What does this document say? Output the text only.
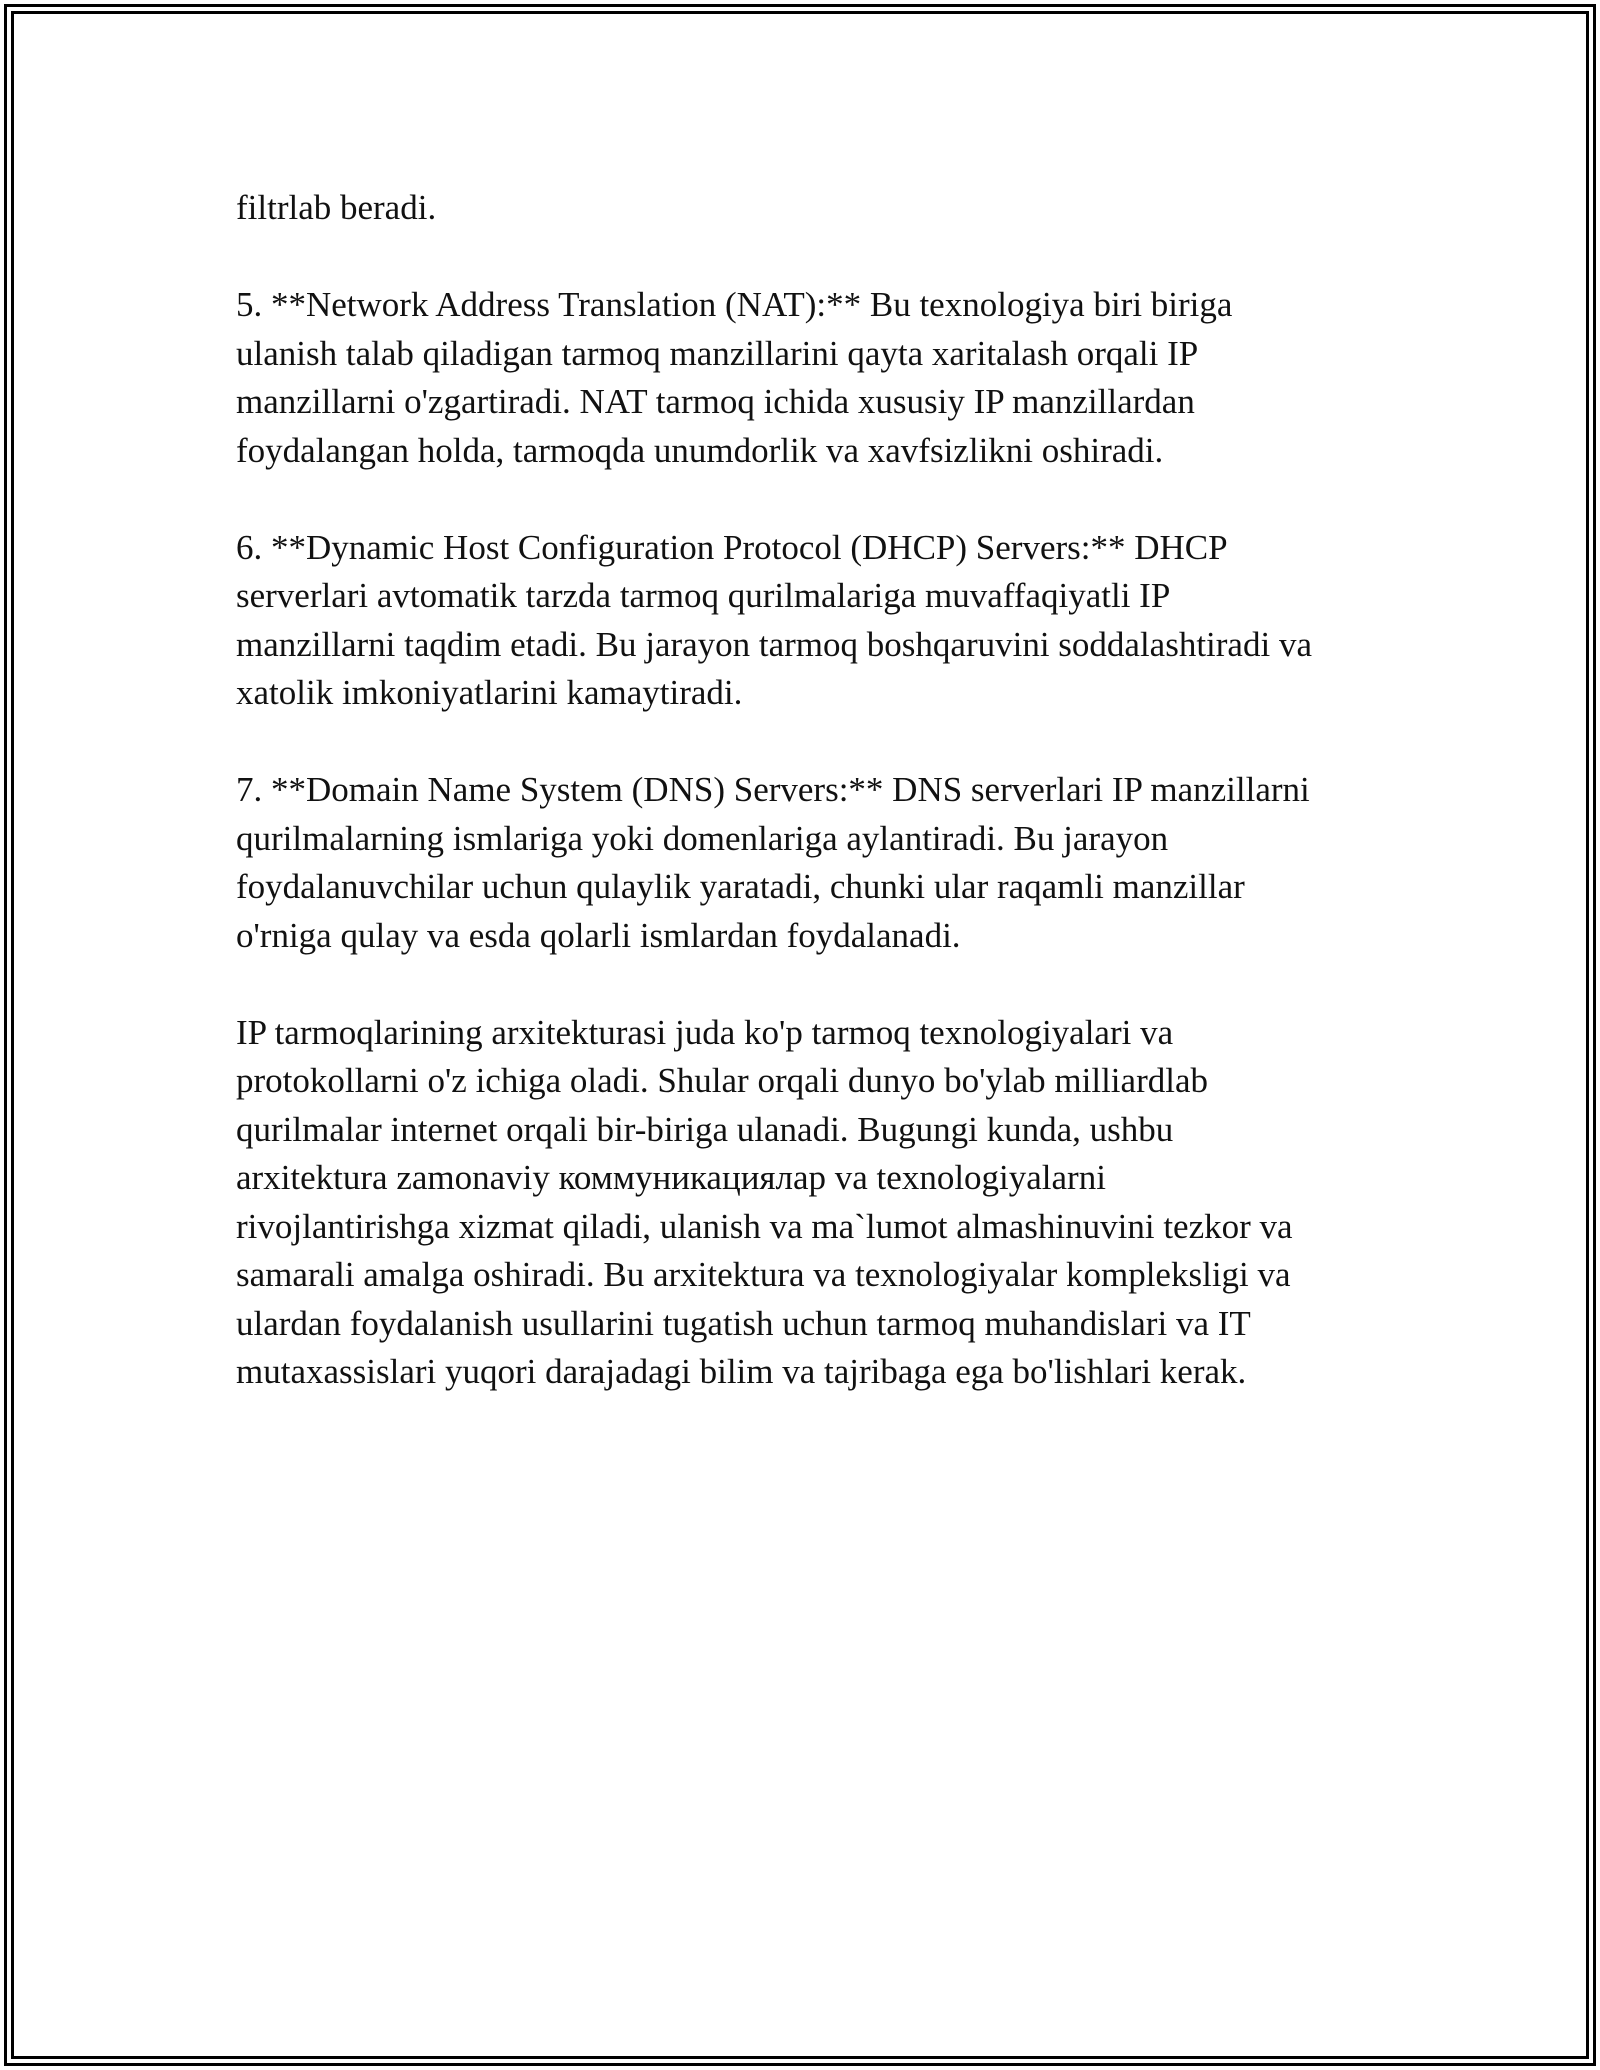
filtrlab beradi.

5. **Network Address Translation (NAT):** Bu texnologiya biri biriga
ulanish talab qiladigan tarmoq manzillarini qayta xaritalash orqali IP
manzillarni o'zgartiradi. NAT tarmoq ichida xususiy IP manzillardan
foydalangan holda, tarmoqda unumdorlik va xavfsizlikni oshiradi.

6. **Dynamic Host Configuration Protocol (DHCP) Servers:** DHCP
serverlari avtomatik tarzda tarmoq qurilmalariga muvaffaqiyatli IP
manzillarni taqdim etadi. Bu jarayon tarmoq boshqaruvini soddalashtiradi va
xatolik imkoniyatlarini kamaytiradi.

7. **Domain Name System (DNS) Servers:** DNS serverlari IP manzillarni
qurilmalarning ismlariga yoki domenlariga aylantiradi. Bu jarayon
foydalanuvchilar uchun qulaylik yaratadi, chunki ular raqamli manzillar
o'rniga qulay va esda qolarli ismlardan foydalanadi.

IP tarmoqlarining arxitekturasi juda ko'p tarmoq texnologiyalari va
protokollarni o'z ichiga oladi. Shular orqali dunyo bo'ylab milliardlab
qurilmalar internet orqali bir-biriga ulanadi. Bugungi kunda, ushbu
arxitektura zamonaviy коммуникациялар va texnologiyalarni
rivojlantirishga xizmat qiladi, ulanish va ma`lumot almashinuvini tezkor va
samarali amalga oshiradi. Bu arxitektura va texnologiyalar kompleksligi va
ulardan foydalanish usullarini tugatish uchun tarmoq muhandislari va IT
mutaxassislari yuqori darajadagi bilim va tajribaga ega bo'lishlari kerak.
